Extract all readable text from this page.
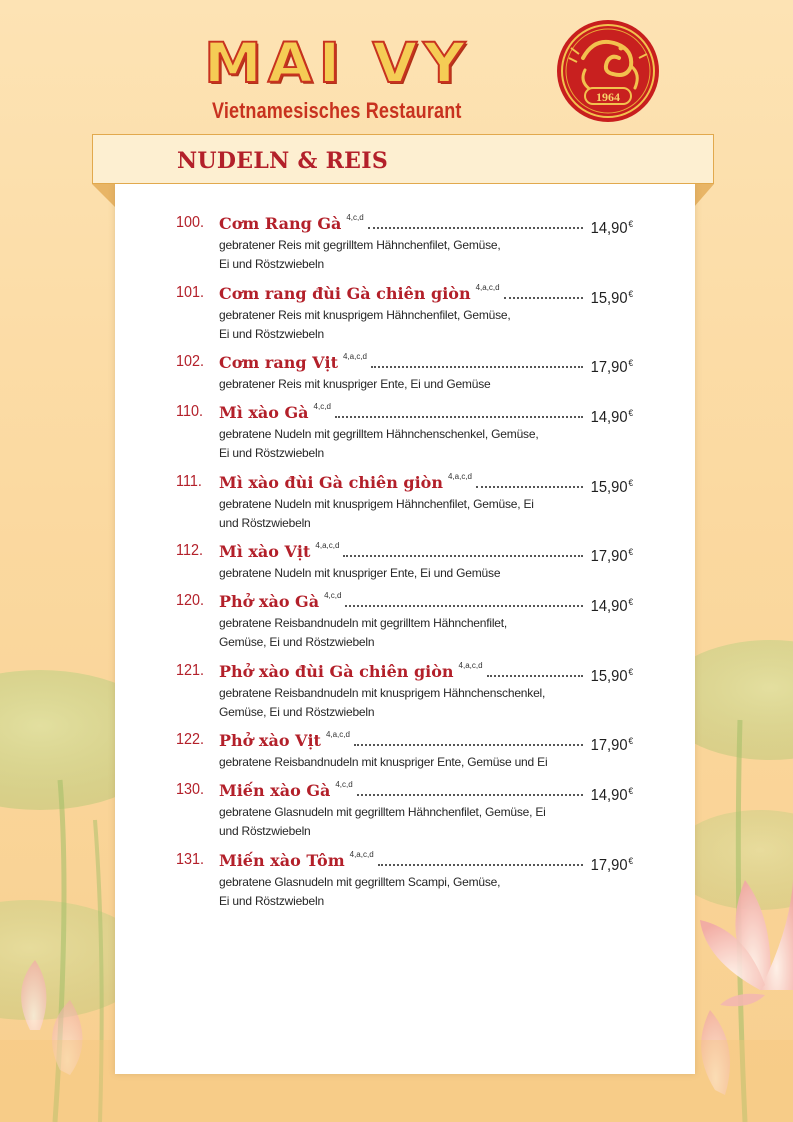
MAI VY

Vietnamesisches Restaurant

1964
NUDELN & REIS
100. Cơm Rang Gà 4,c,d
14,90€

gebratener Reis mit gegrilltem Hähnchenfilet, Gemüse,
Ei und Röstzwiebeln

101. Cơm rang đùi Gà chiên giòn 4,a,c,d
15,90€

gebratener Reis mit knusprigem Hähnchenfilet, Gemüse,
Ei und Röstzwiebeln

102. Cơm rang Vịt 4,a,c,d
17,90€

gebratener Reis mit knuspriger Ente, Ei und Gemüse

110.	Mì xào Gà 4,c,d
14,90€

gebratene Nudeln mit gegrilltem Hähnchenschenkel, Gemüse,
Ei und Röstzwiebeln

111.	Mì xào đùi Gà chiên giòn 4,a,c,d
15,90€

gebratene Nudeln mit knusprigem Hähnchenfilet, Gemüse, Ei
und Röstzwiebeln

112.	Mì xào Vịt 4,a,c,d
17,90€

gebratene Nudeln mit knuspriger Ente, Ei und Gemüse

120. Phở xào Gà 4,c,d
14,90€

gebratene Reisbandnudeln mit gegrilltem Hähnchenfilet,
Gemüse, Ei und Röstzwiebeln

121. Phở xào đùi Gà chiên giòn 4,a,c,d
15,90€

gebratene Reisbandnudeln mit knusprigem Hähnchenschenkel,
Gemüse, Ei und Röstzwiebeln

122. Phở xào Vịt 4,a,c,d
17,90€

gebratene Reisbandnudeln mit knuspriger Ente, Gemüse und Ei

130. Miến xào Gà 4,c,d
14,90€

gebratene Glasnudeln mit gegrilltem Hähnchenfilet, Gemüse, Ei
und Röstzwiebeln

131. Miến xào Tôm 4,a,c,d
17,90€

gebratene Glasnudeln mit gegrilltem Scampi, Gemüse,
Ei und Röstzwiebeln
